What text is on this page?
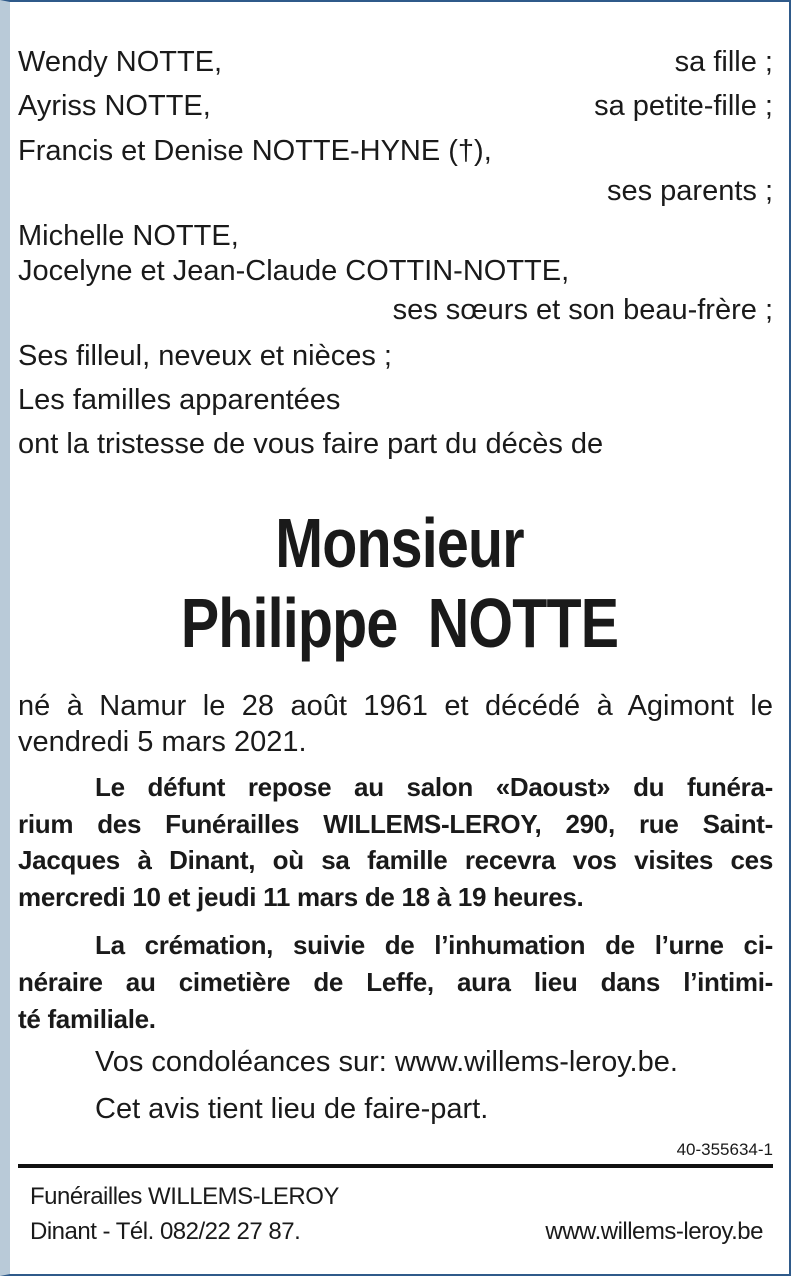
Wendy NOTTE,	sa fille ;
Ayriss NOTTE,	sa petite-fille ;
Francis et Denise NOTTE-HYNE (†),
ses parents ;
Michelle NOTTE,
Jocelyne et Jean-Claude COTTIN-NOTTE,
ses sœurs et son beau-frère ;
Ses filleul, neveux et nièces ;
Les familles apparentées
ont la tristesse de vous faire part du décès de
Monsieur
Philippe  NOTTE
né à Namur le 28 août 1961 et décédé à Agimont le
vendredi 5 mars 2021.
Le défunt repose au salon «Daoust» du funéra-
rium des Funérailles WILLEMS-LEROY, 290, rue Saint-
Jacques à Dinant, où sa famille recevra vos visites ces
mercredi 10 et jeudi 11 mars de 18 à 19 heures.
La crémation, suivie de l’inhumation de l’urne ci-
néraire au cimetière de Leffe, aura lieu dans l’intimi-
té familiale.
Vos condoléances sur: www.willems-leroy.be.
Cet avis tient lieu de faire-part.
40-355634-1
Funérailles WILLEMS-LEROY
Dinant - Tél. 082/22 27 87.	www.willems-leroy.be
